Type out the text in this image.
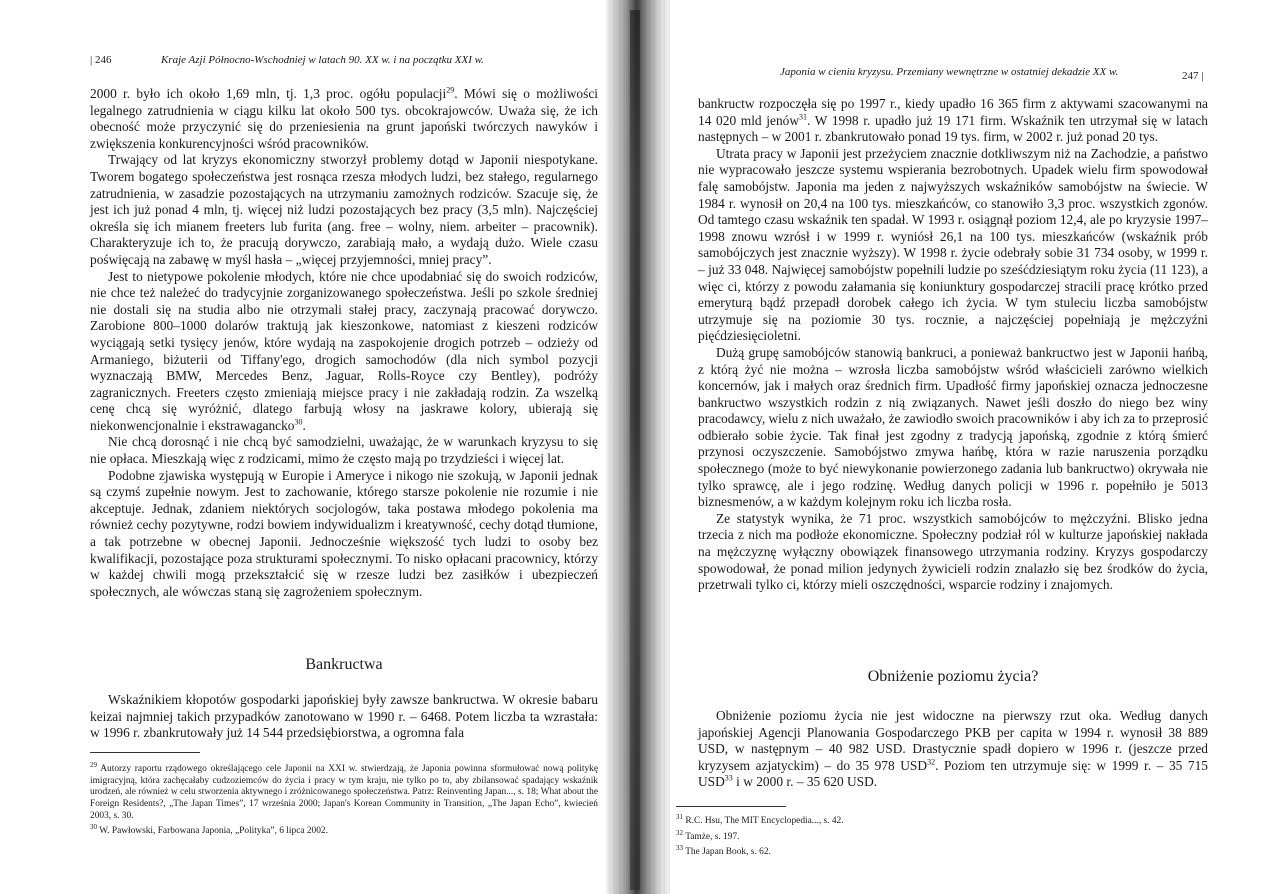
| 246	Kraje Azji Północno-Wschodniej w latach 90. XX w. i na początku XXI w.

2000 r. było ich około 1,69 mln, tj. 1,3 proc. ogółu populacji$^{29}$. Mówi się o możliwości legalnego zatrudnienia w ciągu kilku lat około 500 tys. obcokrajowców. Uważa się, że ich obecność może przyczynić się do przeniesienia na grunt japoński twórczych nawyków i zwiększenia konkurencyjności wśród pracowników.

Trwający od lat kryzys ekonomiczny stworzył problemy dotąd w Japonii niespotykane. Tworem bogatego społeczeństwa jest rosnąca rzesza młodych ludzi, bez stałego, regularnego zatrudnienia, w zasadzie pozostających na utrzymaniu zamożnych rodziców. Szacuje się, że jest ich już ponad 4 mln, tj. więcej niż ludzi pozostających bez pracy (3,5 mln). Najczęściej określa się ich mianem freeters lub furita (ang. free – wolny, niem. arbeiter – pracownik). Charakteryzuje ich to, że pracują dorywczo, zarabiają mało, a wydają dużo. Wiele czasu poświęcają na zabawę w myśl hasła – „więcej przyjemności, mniej pracy”.

Jest to nietypowe pokolenie młodych, które nie chce upodabniać się do swoich rodziców, nie chce też należeć do tradycyjnie zorganizowanego społeczeństwa. Jeśli po szkole średniej nie dostali się na studia albo nie otrzymali stałej pracy, zaczynają pracować dorywczo. Zarobione 800–1000 dolarów traktują jak kieszonkowe, natomiast z kieszeni rodziców wyciągają setki tysięcy jenów, które wydają na zaspokojenie drogich potrzeb – odzieży od Armaniego, biżuterii od Tiffany'ego, drogich samochodów (dla nich symbol pozycji wyznaczają BMW, Mercedes Benz, Jaguar, Rolls-Royce czy Bentley), podróży zagranicznych. Freeters często zmieniają miejsce pracy i nie zakładają rodzin. Za wszelką cenę chcą się wyróżnić, dlatego farbują włosy na jaskrawe kolory, ubierają się niekonwencjonalnie i ekstrawagancko$^{30}$.

Nie chcą dorosnąć i nie chcą być samodzielni, uważając, że w warunkach kryzysu to się nie opłaca. Mieszkają więc z rodzicami, mimo że często mają po trzydzieści i więcej lat.

Podobne zjawiska występują w Europie i Ameryce i nikogo nie szokują, w Japonii jednak są czymś zupełnie nowym. Jest to zachowanie, którego starsze pokolenie nie rozumie i nie akceptuje. Jednak, zdaniem niektórych socjologów, taka postawa młodego pokolenia ma również cechy pozytywne, rodzi bowiem indywidualizm i kreatywność, cechy dotąd tłumione, a tak potrzebne w obecnej Japonii. Jednocześnie większość tych ludzi to osoby bez kwalifikacji, pozostające poza strukturami społecznymi. To nisko opłacani pracownicy, którzy w każdej chwili mogą przekształcić się w rzesze ludzi bez zasiłków i ubezpieczeń społecznych, ale wówczas staną się zagrożeniem społecznym.

Bankructwa

Wskaźnikiem kłopotów gospodarki japońskiej były zawsze bankructwa. W okresie babaru keizai najmniej takich przypadków zanotowano w 1990 r. – 6468. Potem liczba ta wzrastała: w 1996 r. zbankrutowały już 14 544 przedsiębiorstwa, a ogromna fala

$^{29}$ Autorzy raportu rządowego określającego cele Japonii na XXI w. stwierdzają, że Japonia powinna sformułować nową politykę imigracyjną, która zachęcałaby cudzoziemców do życia i pracy w tym kraju, nie tylko po to, aby zbilansować spadający wskaźnik urodzeń, ale również w celu stworzenia aktywnego i zróżnicowanego społeczeństwa. Patrz: Reinventing Japan..., s. 18; What about the Foreign Residents?, „The Japan Times”, 17 września 2000; Japan's Korean Community in Transition, „The Japan Echo”, kwiecień 2003, s. 30.

$^{30}$ W. Pawłowski, Farbowana Japonia, „Polityka”, 6 lipca 2002.

Japonia w cieniu kryzysu. Przemiany wewnętrzne w ostatniej dekadzie XX w.	247 |

bankructw rozpoczęła się po 1997 r., kiedy upadło 16 365 firm z aktywami szacowanymi na 14 020 mld jenów$^{31}$. W 1998 r. upadło już 19 171 firm. Wskaźnik ten utrzymał się w latach następnych – w 2001 r. zbankrutowało ponad 19 tys. firm, w 2002 r. już ponad 20 tys.

Utrata pracy w Japonii jest przeżyciem znacznie dotkliwszym niż na Zachodzie, a państwo nie wypracowało jeszcze systemu wspierania bezrobotnych. Upadek wielu firm spowodował falę samobójstw. Japonia ma jeden z najwyższych wskaźników samobójstw na świecie. W 1984 r. wynosił on 20,4 na 100 tys. mieszkańców, co stanowiło 3,3 proc. wszystkich zgonów. Od tamtego czasu wskaźnik ten spadał. W 1993 r. osiągnął poziom 12,4, ale po kryzysie 1997–1998 znowu wzrósł i w 1999 r. wyniósł 26,1 na 100 tys. mieszkańców (wskaźnik prób samobójczych jest znacznie wyższy). W 1998 r. życie odebrały sobie 31 734 osoby, w 1999 r. – już 33 048. Najwięcej samobójstw popełnili ludzie po sześćdziesiątym roku życia (11 123), a więc ci, którzy z powodu załamania się koniunktury gospodarczej stracili pracę krótko przed emeryturą bądź przepadł dorobek całego ich życia. W tym stuleciu liczba samobójstw utrzymuje się na poziomie 30 tys. rocznie, a najczęściej popełniają je mężczyźni pięćdziesięcioletni.

Dużą grupę samobójców stanowią bankruci, a ponieważ bankructwo jest w Japonii hańbą, z którą żyć nie można – wzrosła liczba samobójstw wśród właścicieli zarówno wielkich koncernów, jak i małych oraz średnich firm. Upadłość firmy japońskiej oznacza jednoczesne bankructwo wszystkich rodzin z nią związanych. Nawet jeśli doszło do niego bez winy pracodawcy, wielu z nich uważało, że zawiodło swoich pracowników i aby ich za to przeprosić odbierało sobie życie. Tak finał jest zgodny z tradycją japońską, zgodnie z którą śmierć przynosi oczyszczenie. Samobójstwo zmywa hańbę, która w razie naruszenia porządku społecznego (może to być niewykonanie powierzonego zadania lub bankructwo) okrywała nie tylko sprawcę, ale i jego rodzinę. Według danych policji w 1996 r. popełniło je 5013 biznesmenów, a w każdym kolejnym roku ich liczba rosła.

Ze statystyk wynika, że 71 proc. wszystkich samobójców to mężczyźni. Blisko jedna trzecia z nich ma podłoże ekonomiczne. Społeczny podział ról w kulturze japońskiej nakłada na mężczyznę wyłączny obowiązek finansowego utrzymania rodziny. Kryzys gospodarczy spowodował, że ponad milion jedynych żywicieli rodzin znalazło się bez środków do życia, przetrwali tylko ci, którzy mieli oszczędności, wsparcie rodziny i znajomych.

Obniżenie poziomu życia?

Obniżenie poziomu życia nie jest widoczne na pierwszy rzut oka. Według danych japońskiej Agencji Planowania Gospodarczego PKB per capita w 1994 r. wynosił 38 889 USD, w następnym – 40 982 USD. Drastycznie spadł dopiero w 1996 r. (jeszcze przed kryzysem azjatyckim) – do 35 978 USD$^{32}$. Poziom ten utrzymuje się: w 1999 r. – 35 715 USD$^{33}$ i w 2000 r. – 35 620 USD.

$^{31}$ R.C. Hsu, The MIT Encyclopedia..., s. 42.

$^{32}$ Tamże, s. 197.

$^{33}$ The Japan Book, s. 62.
